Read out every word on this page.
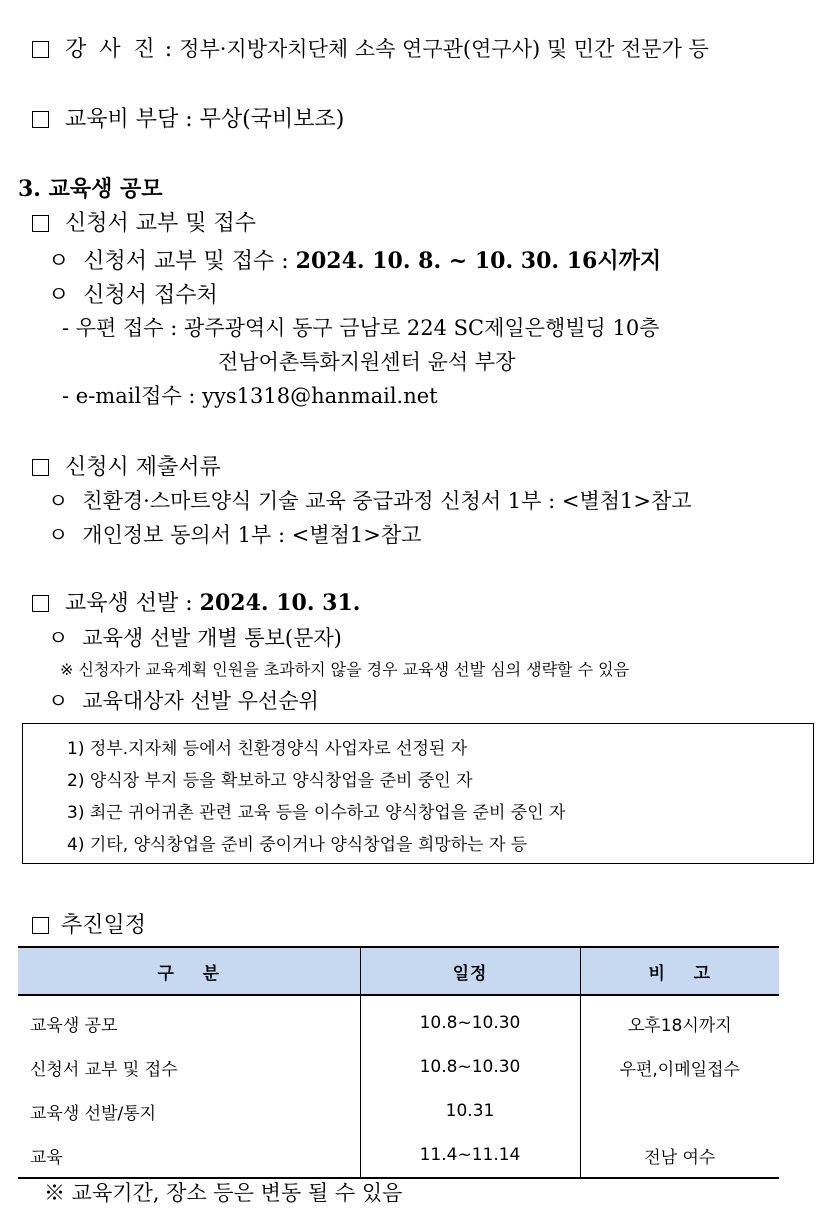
강 사 진 : 정부·지방자치단체 소속 연구관(연구사) 및 민간 전문가 등
교육비 부담 : 무상(국비보조)
3. 교육생 공모
신청서 교부 및 접수
ㅇ 신청서 교부 및 접수 : 2024. 10. 8. ~ 10. 30. 16시까지
ㅇ 신청서 접수처
- 우편 접수 : 광주광역시 동구 금남로 224 SC제일은행빌딩 10층
전남어촌특화지원센터 윤석 부장
- e-mail접수 : yys1318@hanmail.net
신청시 제출서류
ㅇ 친환경·스마트양식 기술 교육 중급과정 신청서 1부 : <별첨1>참고
ㅇ 개인정보 동의서 1부 : <별첨1>참고
교육생 선발 : 2024. 10. 31.
ㅇ 교육생 선발 개별 통보(문자)
※ 신청자가 교육계획 인원을 초과하지 않을 경우 교육생 선발 심의 생략할 수 있음
ㅇ 교육대상자 선발 우선순위
1) 정부.지자체 등에서 친환경양식 사업자로 선정된 자
2) 양식장 부지 등을 확보하고 양식창업을 준비 중인 자
3) 최근 귀어귀촌 관련 교육 등을 이수하고 양식창업을 준비 중인 자
4) 기타, 양식창업을 준비 중이거나 양식창업을 희망하는 자 등
추진일정
구    분	일정	비    고
교육생 공모	10.8~10.30	오후18시까지
신청서 교부 및 접수	10.8~10.30	우편,이메일접수
교육생 선발/통지	10.31	
교육	11.4~11.14	전남 여수
※ 교육기간, 장소 등은 변동 될 수 있음
